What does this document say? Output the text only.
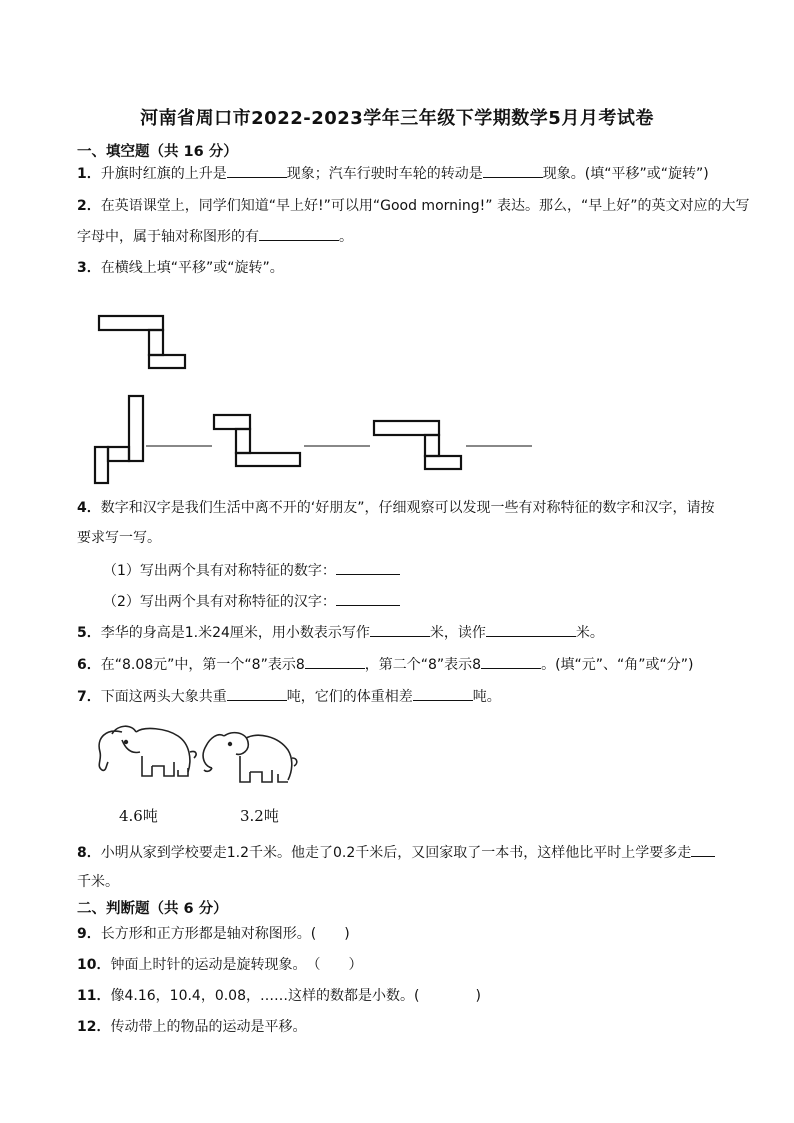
河南省周口市2022-2023学年三年级下学期数学5月月考试卷
一、填空题（共 16 分）
1．升旗时红旗的上升是	现象；汽车行驶时车轮的转动是	现象。(填“平移”或“旋转”)
2．在英语课堂上，同学们知道“早上好!”可以用“Good morning!” 表达。那么，“早上好”的英文对应的大写
字母中，属于轴对称图形的有	。
3．在横线上填“平移”或“旋转”。
4．数字和汉字是我们生活中离不开的‘好朋友”，仔细观察可以发现一些有对称特征的数字和汉字，请按
要求写一写。
（1）写出两个具有对称特征的数字：
（2）写出两个具有对称特征的汉字：
5．李华的身高是1.米24厘米，用小数表示写作	米，读作	米。
6．在“8.08元”中，第一个“8”表示8	，第二个“8”表示8	。(填“元”、“角”或“分”)
7．下面这两头大象共重	吨，它们的体重相差	吨。
4.6吨	3.2吨
8．小明从家到学校要走1.2千米。他走了0.2千米后，又回家取了一本书，这样他比平时上学要多走
千米。
二、判断题（共 6 分）
9．长方形和正方形都是轴对称图形。(　　)
10．钟面上时针的运动是旋转现象。　（　　）
11．像4.16，10.4，0.08，……这样的数都是小数。(　　　　)
12．传动带上的物品的运动是平移。
